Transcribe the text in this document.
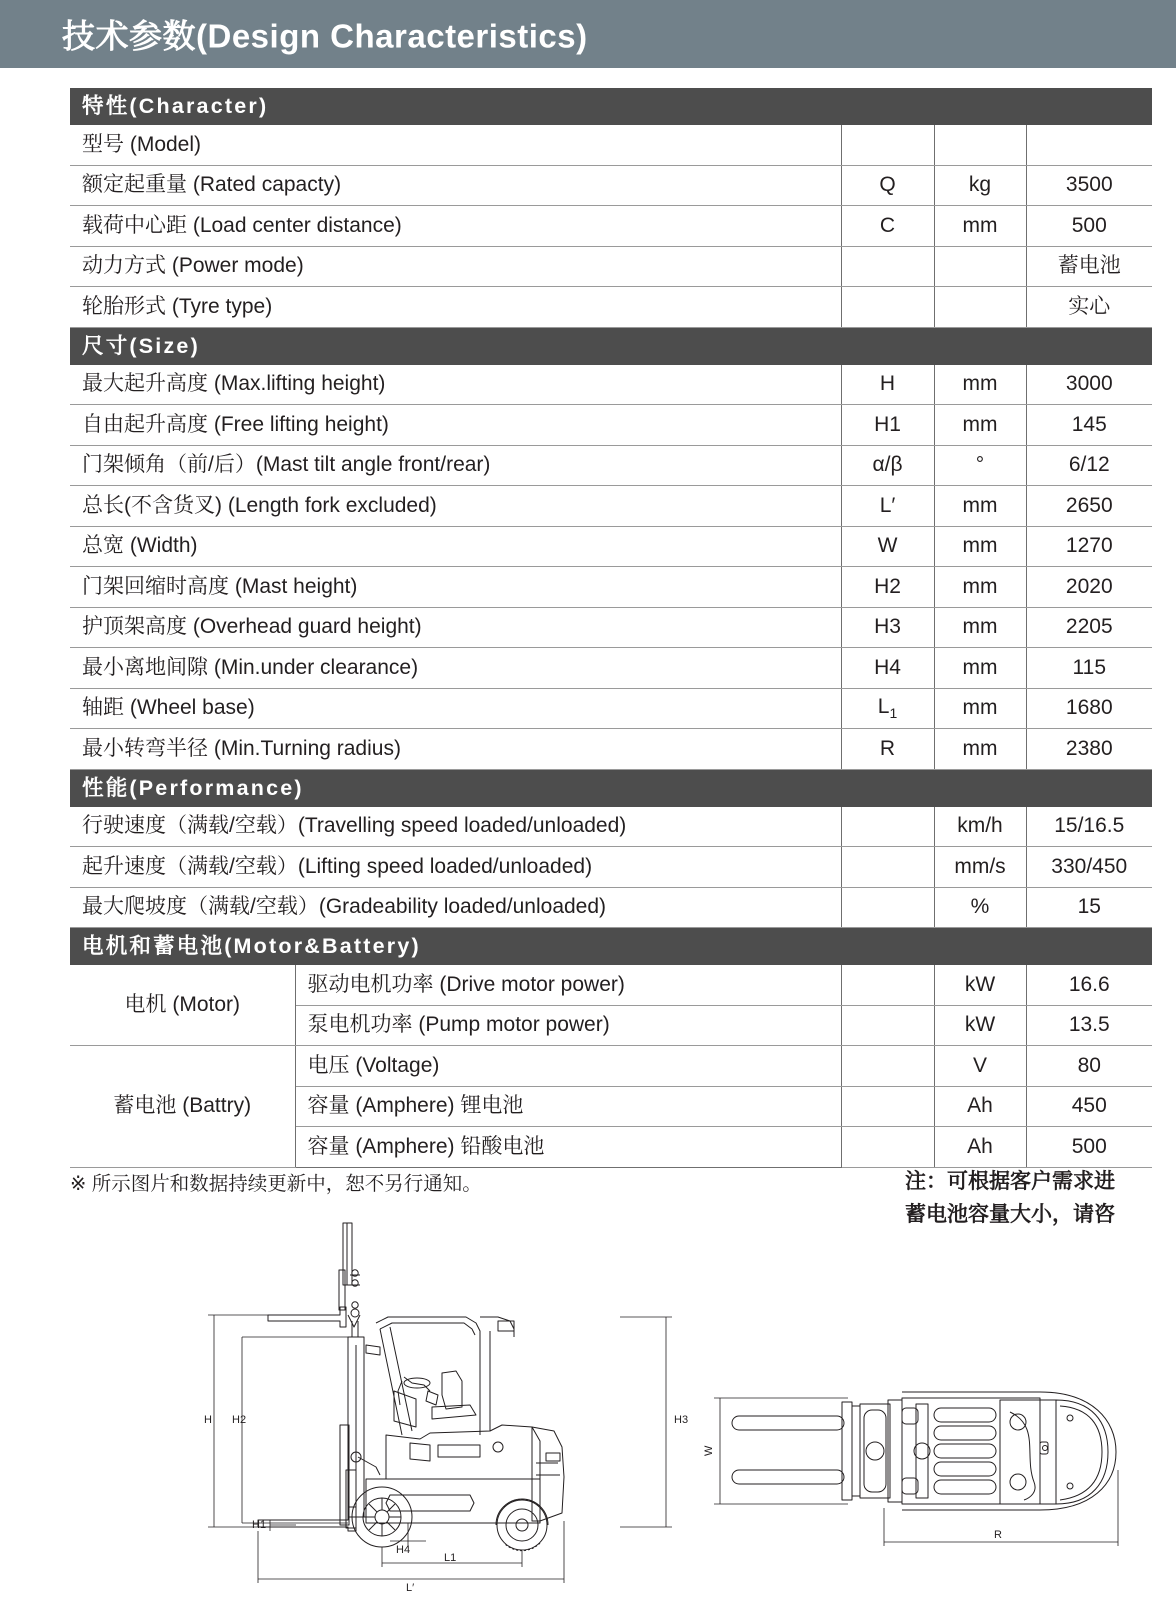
技术参数(Design Characteristics)
特性(Character)				
型号 (Model)				
额定起重量 (Rated capacty)		Q	kg	3500
载荷中心距 (Load center distance)		C	mm	500
动力方式 (Power mode)				蓄电池
轮胎形式 (Tyre type)				实心
尺寸(Size)				
最大起升高度 (Max.lifting height)		H	mm	3000
自由起升高度 (Free lifting height)		H1	mm	145
门架倾角（前/后）(Mast tilt angle front/rear)		α/β	°	6/12
总长(不含货叉) (Length fork excluded)		L′	mm	2650
总宽 (Width)		W	mm	1270
门架回缩时高度 (Mast height)		H2	mm	2020
护顶架高度 (Overhead guard height)		H3	mm	2205
最小离地间隙 (Min.under clearance)		H4	mm	115
轴距 (Wheel base)		$L_1$	mm	1680
最小转弯半径 (Min.Turning radius)		R	mm	2380
性能(Performance)				
行驶速度（满载/空载）(Travelling speed loaded/unloaded)			km/h	15/16.5
起升速度（满载/空载）(Lifting speed loaded/unloaded)			mm/s	330/450
最大爬坡度（满载/空载）(Gradeability loaded/unloaded)			%	15
电机和蓄电池(Motor&Battery)				
电机 (Motor)	驱动电机功率 (Drive motor power)		kW	16.6
	泵电机功率 (Pump motor power)		kW	13.5
蓄电池 (Battry)	电压 (Voltage)		V	80
	容量 (Amphere) 锂电池		Ah	450
	容量 (Amphere) 铅酸电池		Ah	500
※ 所示图片和数据持续更新中，恕不另行通知。	注：可根据客户需求进
蓄电池容量大小，请咨
H H2
H1
H3
H4
L1
L′
W
R
